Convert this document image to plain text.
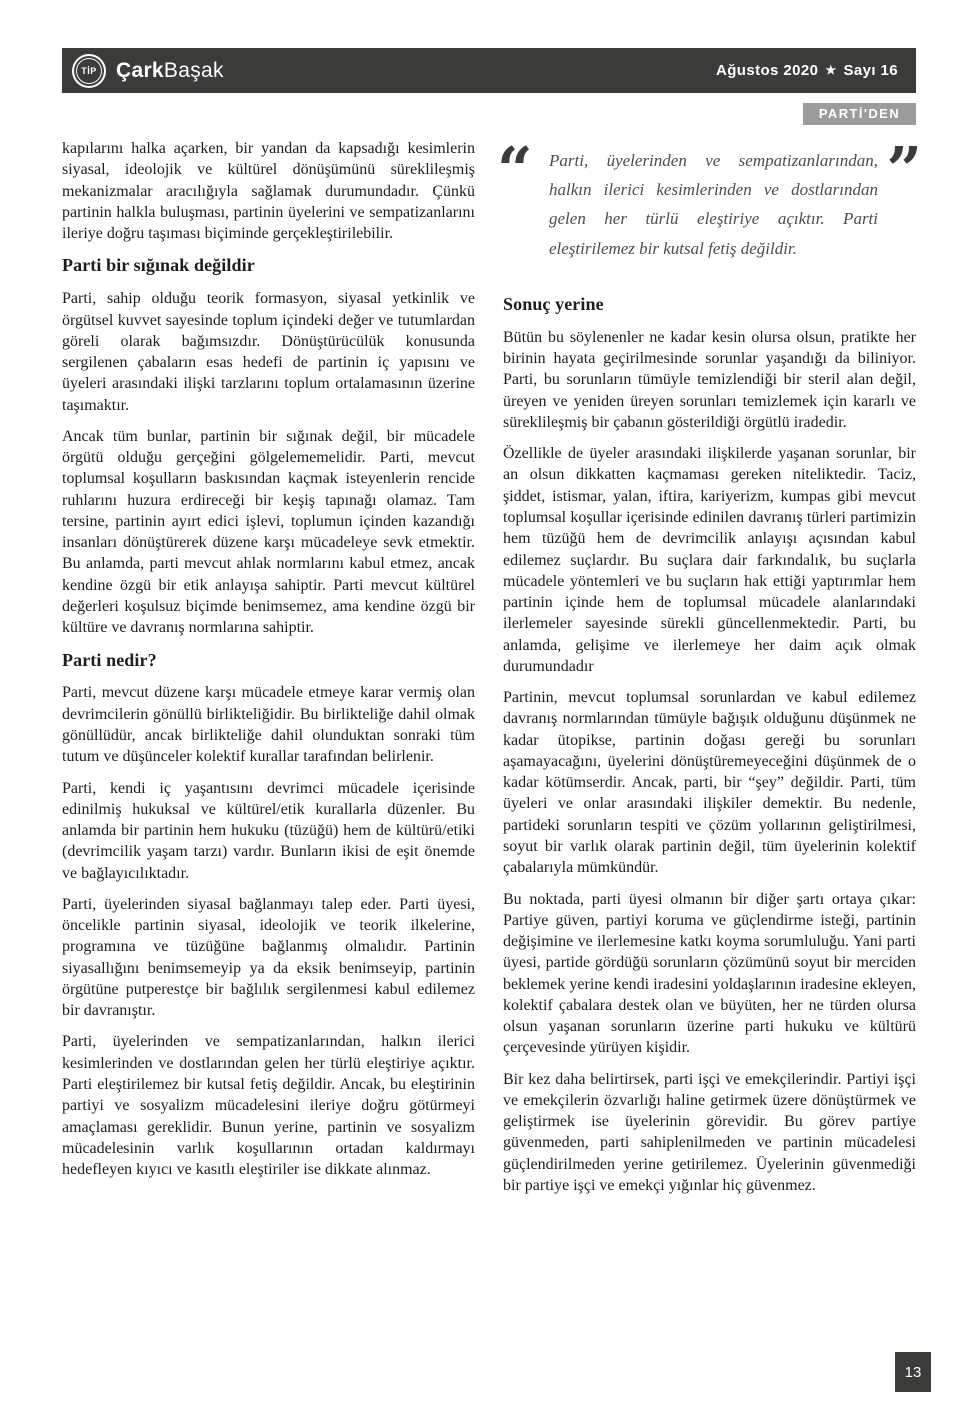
TİP ÇarkBaşak	Ağustos 2020 ★ Sayı 16
PARTİ'DEN

kapılarını halka açarken, bir yandan da kapsadığı kesimlerin siyasal, ideolojik ve kültürel dönüşümünü süreklileşmiş mekanizmalar aracılığıyla sağlamak durumundadır. Çünkü partinin halkla buluşması, partinin üyelerini ve sempatizanlarını ileriye doğru taşıması biçiminde gerçekleştirilebilir.

Parti bir sığınak değildir

Parti, sahip olduğu teorik formasyon, siyasal yetkinlik ve örgütsel kuvvet sayesinde toplum içindeki değer ve tutumlardan göreli olarak bağımsızdır. Dönüştürücülük konusunda sergilenen çabaların esas hedefi de partinin iç yapısını ve üyeleri arasındaki ilişki tarzlarını toplum ortalamasının üzerine taşımaktır.

Ancak tüm bunlar, partinin bir sığınak değil, bir mücadele örgütü olduğu gerçeğini gölgelememelidir. Parti, mevcut toplumsal koşulların baskısından kaçmak isteyenlerin rencide ruhlarını huzura erdireceği bir keşiş tapınağı olamaz. Tam tersine, partinin ayırt edici işlevi, toplumun içinden kazandığı insanları dönüştürerek düzene karşı mücadeleye sevk etmektir. Bu anlamda, parti mevcut ahlak normlarını kabul etmez, ancak kendine özgü bir etik anlayışa sahiptir. Parti mevcut kültürel değerleri koşulsuz biçimde benimsemez, ama kendine özgü bir kültüre ve davranış normlarına sahiptir.

Parti nedir?

Parti, mevcut düzene karşı mücadele etmeye karar vermiş olan devrimcilerin gönüllü birlikteliğidir. Bu birlikteliğe dahil olmak gönüllüdür, ancak birlikteliğe dahil olunduktan sonraki tüm tutum ve düşünceler kolektif kurallar tarafından belirlenir.

Parti, kendi iç yaşantısını devrimci mücadele içerisinde edinilmiş hukuksal ve kültürel/etik kurallarla düzenler. Bu anlamda bir partinin hem hukuku (tüzüğü) hem de kültürü/etiki (devrimcilik yaşam tarzı) vardır. Bunların ikisi de eşit önemde ve bağlayıcılıktadır.

Parti, üyelerinden siyasal bağlanmayı talep eder. Parti üyesi, öncelikle partinin siyasal, ideolojik ve teorik ilkelerine, programına ve tüzüğüne bağlanmış olmalıdır. Partinin siyasallığını benimsemeyip ya da eksik benimseyip, partinin örgütüne putperestçe bir bağlılık sergilenmesi kabul edilemez bir davranıştır.

Parti, üyelerinden ve sempatizanlarından, halkın ilerici kesimlerinden ve dostlarından gelen her türlü eleştiriye açıktır. Parti eleştirilemez bir kutsal fetiş değildir. Ancak, bu eleştirinin partiyi ve sosyalizm mücadelesini ileriye doğru götürmeyi amaçlaması gereklidir. Bunun yerine, partinin ve sosyalizm mücadelesinin varlık koşullarının ortadan kaldırmayı hedefleyen kıyıcı ve kasıtlı eleştiriler ise dikkate alınmaz.

“ Parti, üyelerinden ve sempatizanlarından, halkın ilerici kesimlerinden ve dostlarından gelen her türlü eleştiriye açıktır. Parti eleştirilemez bir kutsal fetiş değildir.

”
Sonuç yerine

Bütün bu söylenenler ne kadar kesin olursa olsun, pratikte her birinin hayata geçirilmesinde sorunlar yaşandığı da biliniyor. Parti, bu sorunların tümüyle temizlendiği bir steril alan değil, üreyen ve yeniden üreyen sorunları temizlemek için kararlı ve süreklileşmiş bir çabanın gösterildiği örgütlü iradedir.

Özellikle de üyeler arasındaki ilişkilerde yaşanan sorunlar, bir an olsun dikkatten kaçmaması gereken niteliktedir. Taciz, şiddet, istismar, yalan, iftira, kariyerizm, kumpas gibi mevcut toplumsal koşullar içerisinde edinilen davranış türleri partimizin hem tüzüğü hem de devrimcilik anlayışı açısından kabul edilemez suçlardır. Bu suçlara dair farkındalık, bu suçlarla mücadele yöntemleri ve bu suçların hak ettiği yaptırımlar hem partinin içinde hem de toplumsal mücadele alanlarındaki ilerlemeler sayesinde sürekli güncellenmektedir. Parti, bu anlamda, gelişime ve ilerlemeye her daim açık olmak durumundadır

Partinin, mevcut toplumsal sorunlardan ve kabul edilemez davranış normlarından tümüyle bağışık olduğunu düşünmek ne kadar ütopikse, partinin doğası gereği bu sorunları aşamayacağını, üyelerini dönüştüremeyeceğini düşünmek de o kadar kötümserdir. Ancak, parti, bir “şey” değildir. Parti, tüm üyeleri ve onlar arasındaki ilişkiler demektir. Bu nedenle, partideki sorunların tespiti ve çözüm yollarının geliştirilmesi, soyut bir varlık olarak partinin değil, tüm üyelerinin kolektif çabalarıyla mümkündür.

Bu noktada, parti üyesi olmanın bir diğer şartı ortaya çıkar: Partiye güven, partiyi koruma ve güçlendirme isteği, partinin değişimine ve ilerlemesine katkı koyma sorumluluğu. Yani parti üyesi, partide gördüğü sorunların çözümünü soyut bir merciden beklemek yerine kendi iradesini yoldaşlarının iradesine ekleyen, kolektif çabalara destek olan ve büyüten, her ne türden olursa olsun yaşanan sorunların üzerine parti hukuku ve kültürü çerçevesinde yürüyen kişidir.

Bir kez daha belirtirsek, parti işçi ve emekçilerindir. Partiyi işçi ve emekçilerin özvarlığı haline getirmek üzere dönüştürmek ve geliştirmek ise üyelerinin görevidir. Bu görev partiye güvenmeden, parti sahiplenilmeden ve partinin mücadelesi güçlendirilmeden yerine getirilemez. Üyelerinin güvenmediği bir partiye işçi ve emekçi yığınlar hiç güvenmez.

13
